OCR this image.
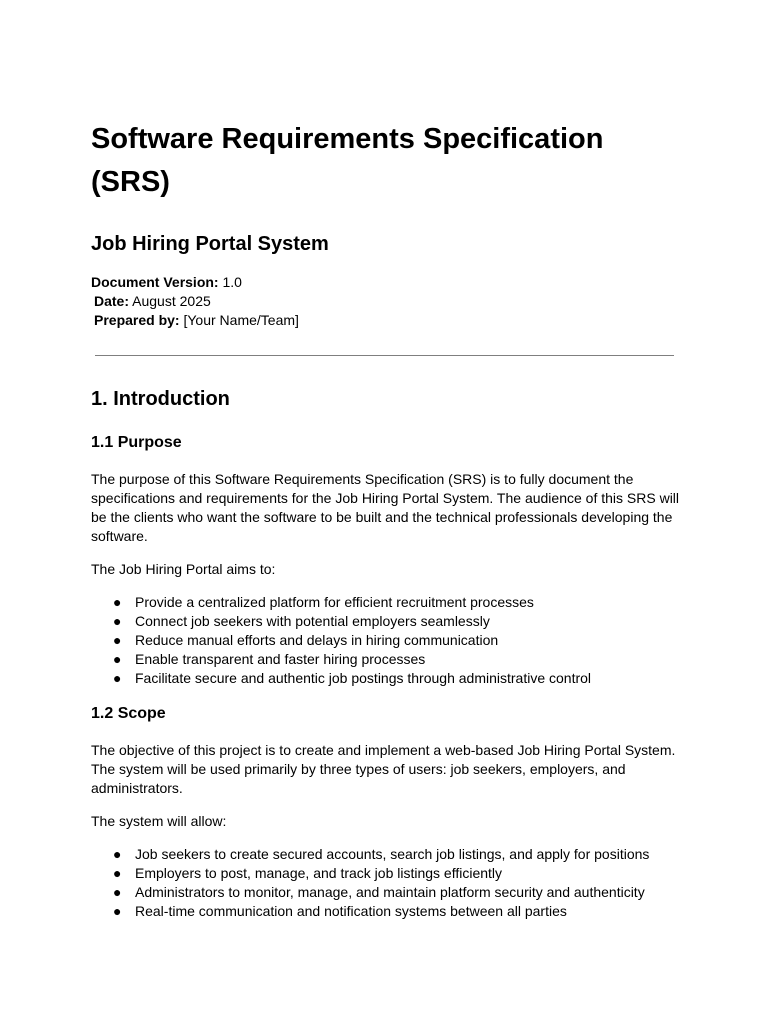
Software Requirements Specification (SRS)
Job Hiring Portal System
Document Version: 1.0
Date: August 2025
Prepared by: [Your Name/Team]
1. Introduction
1.1 Purpose

The purpose of this Software Requirements Specification (SRS) is to fully document the specifications and requirements for the Job Hiring Portal System. The audience of this SRS will be the clients who want the software to be built and the technical professionals developing the software.

The Job Hiring Portal aims to:

● Provide a centralized platform for efficient recruitment processes
● Connect job seekers with potential employers seamlessly
● Reduce manual efforts and delays in hiring communication
● Enable transparent and faster hiring processes
● Facilitate secure and authentic job postings through administrative control
1.2 Scope

The objective of this project is to create and implement a web-based Job Hiring Portal System. The system will be used primarily by three types of users: job seekers, employers, and administrators.

The system will allow:

● Job seekers to create secured accounts, search job listings, and apply for positions
● Employers to post, manage, and track job listings efficiently
● Administrators to monitor, manage, and maintain platform security and authenticity
● Real-time communication and notification systems between all parties
